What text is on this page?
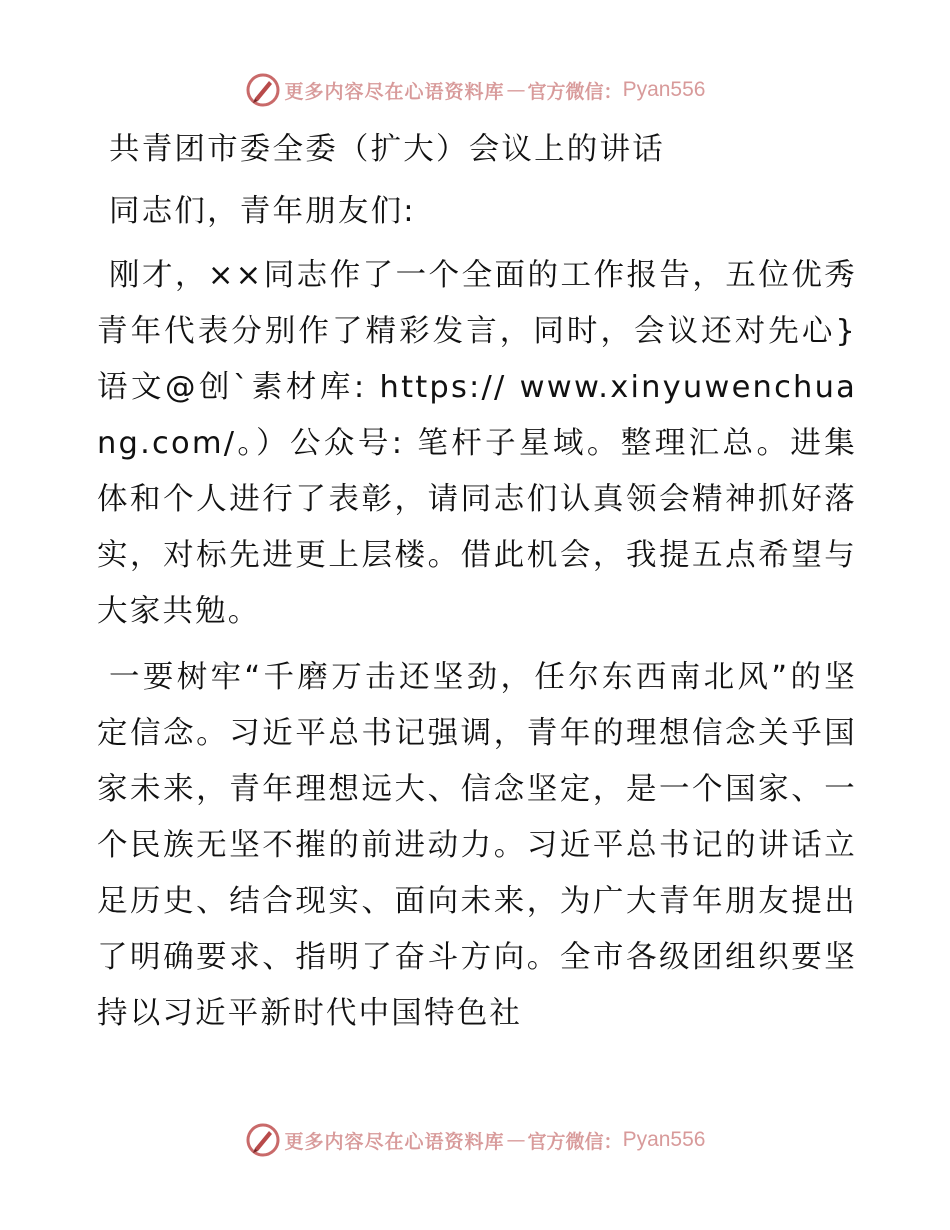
更多内容尽在心语资料库 — 官方微信： Pyan556

共青团市委全委（扩大）会议上的讲话

同志们，青年朋友们:

刚才，××同志作了一个全面的工作报告，五位优秀青年代表分别作了精彩发言，同时，会议还对先心}语文@创`素材库: https:// www.xinyuwenchuang.com/。）公众号: 笔杆子星域。整理汇总。进集体和个人进行了表彰，请同志们认真领会精神抓好落实，对标先进更上层楼。借此机会，我提五点希望与大家共勉。

一要树牢“千磨万击还坚劲，任尔东西南北风”的坚定信念。习近平总书记强调，青年的理想信念关乎国家未来，青年理想远大、信念坚定，是一个国家、一个民族无坚不摧的前进动力。习近平总书记的讲话立足历史、结合现实、面向未来，为广大青年朋友提出了明确要求、指明了奋斗方向。全市各级团组织要坚持以习近平新时代中国特色社

更多内容尽在心语资料库 — 官方微信： Pyan556
